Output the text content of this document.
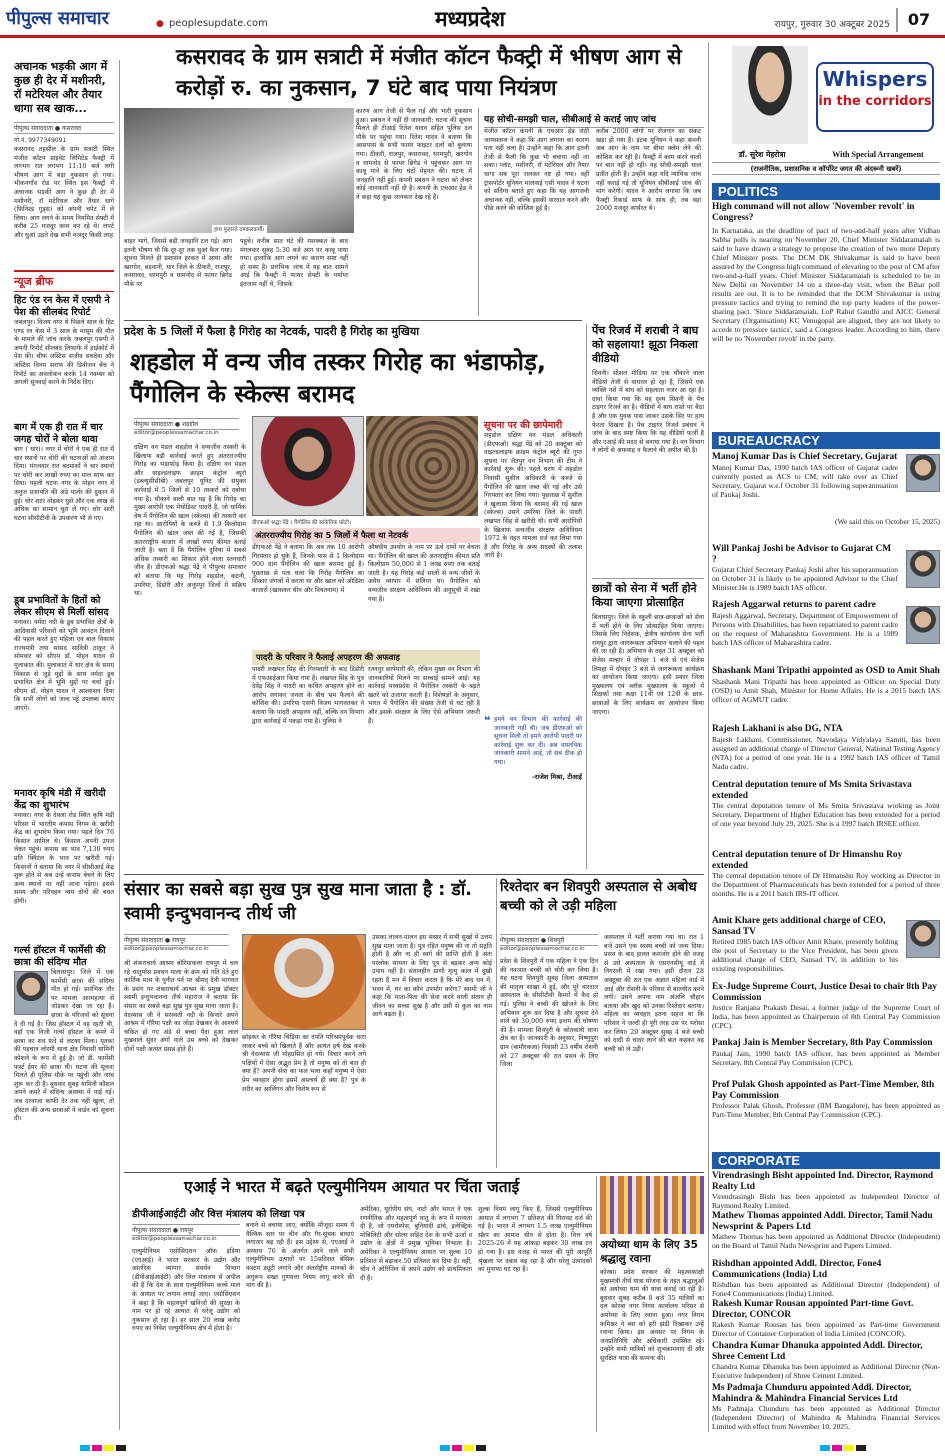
पीपुल्स समाचार	● peoplesupdate.com	मध्यप्रदेश	रायपुर, गुरुवार 30 अक्टूबर 2025	07
अचानक भड़की आग में कुछ ही देर में मशीनरी, रॉ मटेरियल और तैयार धागा सब खाक...
पीपुल्स संवाददाता ● कसरावद
मो.नं. 9977349091
कसरावद तहसील के ग्राम सत्राटी स्थित मंजीत कॉटन प्राइवेट लिमिटेड फैक्ट्री में लगभग रात लगभग 11:10 बजे लगी भीषण आग में बड़ा नुकसान हो गया। भीकनगाँव रोड पर स्थित इस फैक्ट्री में अचानक भड़की आग ने कुछ ही देर में मशीनरी, रॉ मटेरियल और तैयार धागे (फिनिश्ड गुड्स) को अपनी चपेट में ले लिया। आग लगने के समय नियमित सेफ्टी में करीब 25 मजदूर काम कर रहे थे। लपटें और धुआं उठते देख सभी मजदूर किसी तरह
न्यूज ब्रीफ
हिट एंड रन केस में एसपी ने पेश की सीलबंद रिपोर्ट
जबलपुर। विजय नगर थे पिछले साल के हिट एण्ड रन केस में 3 साल के मासूम की मौत के मामले की जांच करके जबलपुर एसपी ने अपनी रिपोर्ट सीलबंद लिफाफे में हाईकोर्ट में पेश की। चीफ जस्टिस संजीव सचदेवा और जस्टिस विनय सराफ की डिवीजन बेंच ने रिपोर्ट का अवलोकन करके 14 नवम्बर को अगली सुनवाई करने के निर्देश दिए।
बाग में एक ही रात में चार जगह चोरों ने बोला धावा
बाग ( धार)। नगर में चोरों ने एक ही रात में चार स्थानों पर चोरी की घटनाओं को अंजाम दिया। मंगलवार रात बदमाशों ने चार स्थानों पर चोरी कर लाखों रुपए का माल साफ कर दिया। पहली घटना नगर के मोहन नगर में अनुज प्रजापति की अंडे पार्लर की दुकान में हुई। चोर शटर तोड़कर घुसे और एक लाख से अधिक का सामान चुरा ले गए। चोर सारी घटना सीसीटीवी के उपकरण भी ले गए।
डूब प्रभावितों के हितों को लेकर सीएम से मिलीं सांसद
मनावर। नर्मदा नदी के डूब प्रभावित क्षेत्रों के आदिवासी परिवारों को भूमि आवंटन दिलाने की पहल करते हुए महिला एवं बाल विकास राज्यमंत्री तथा सांसद सावित्री ठाकुर ने सोमवार को सीएम डॉ. मोहन यादव से मुलाकात की। मुलाकात में धार क्षेत्र के समग्र विकास से जुड़े मुद्दों के साथ नर्मदा डूब प्रभावित क्षेत्र में भूमि मुद्दों पर चर्चा हुई। सीएम डॉ. मोहन यादव ने आश्वासन दिया कि सभी लोगों को जल्द पट्टे उपलब्ध कराए जाएंगे।
मनावर कृषि मंडी में खरीदी केंद्र का शुभारंभ
मनावर। नगर के देवला रोड स्थित कृषि मंडी परिसर में भारतीय कपास निगम के खरीदी केंद्र का शुभारंभ किया गया। पहले दिन 76 किसान शामिल थे। किसान अपनी उपज लेकर पहुंचे। कपास का भाव 7,130 रुपए प्रति क्विंटल के भाव पर खरीदी गई। किसानों ने बताया कि नगर में सीसीआई केंद्र शुरू होने से अब उन्हें कपास बेचने के लिए अन्य स्थानों पर नहीं जाना पड़ेगा। इससे समय और परिवहन व्यय दोनों की बचत होगी।
गर्ल्स हॉस्टल में फार्मेसी की छात्रा की संदिग्ध मौत
बिलासपुर। जिले में एक फार्मेसी छात्रा की संदिग्ध मौत हो गई। प्रारंभिक तौर पर मामला आत्महत्या से जोड़कर देखा जा रहा है। छात्रा के परिजनों को सूचना दे दी गई है। जिस हॉस्टल में वह रहती थी, वहाँ एक निजी गर्ल्स हॉस्टल के कमरे में छात्रा का शव फंदे से लटका मिला। मृतका की पहचान लोरमी थाना क्षेत्र निवासी यामिनी कोशले के रूप में हुई है। जो डी. फार्मेसी फर्स्ट ईयर की छात्रा थी। घटना की सूचना मिलते ही पुलिस मौके पर पहुंची और जांच शुरू कर दी है। बुधवार सुबह यामिनी कौशल अपने कमरे में संदिग्ध अवस्था में पाई गई। जब दरवाजा काफी देर तक नहीं खुला, तो हॉस्टल की अन्य छात्राओं ने वार्डन को सूचना दी।
कसरावद के ग्राम सत्राटी में मंजीत कॉटन फैक्ट्री में भीषण आग से करोड़ों रु. का नुकसान, 7 घंटे बाद पाया नियंत्रण
हाथ फुहारते दमकलकर्मी।
बाहर भागे, जिससे बड़ी जनहानि टल गई। आग इतनी भीषण थी कि दूर-दूर तक धुआं फैल गया। सूचना मिलते ही प्रशासन हरकत में आया और खरगोन, बड़वानी, धार जिले के ठीकरी, राजपुर, कसरावद, धरमपुरी व धामनोद से फायर ब्रिगेड मौके पर
पहुंचे। करीब सात घंटे की मशक्कत के बाद मंगलवार सुबह 5:30 बजे आग पर काबू पाया गया। हालांकि आग लगने का कारण स्पष्ट नहीं हो सका है। प्रारंभिक जांच में यह बात सामने आई कि फैक्ट्री में फायर सेफ्टी के पर्याप्त इंतजाम नहीं थे, जिसके
कारण आग तेजी से फैल गई और भारी नुकसान हुआ। प्रबंधन ने नहीं दी जानकारी: घटना की सूचना मिलते ही टीआई रितेश यादव सहित पुलिस दल मौके पर पहुंचा गया। रितेश यादव ने बताया कि आसपास के सभी फायर फाइटर दलों को बुलाया गया। ठीकरी, राजपुर, कसरावद, धरमपुरी, खरगोन व धामनोद से फायर ब्रिगेड ने पहुंचकर आग पर काबू पाने के लिए घंटों मेहनत की। घटना में जनहानि नहीं हुई। कंपनी प्रबंधन ने घटना को लेकर कोई जानकारी नहीं दी है। कंपनी के एचआर हेड ने ने कहा यह कुछ जानकार देख रहे हैं।
यह सोची-समझी चाल, सीबीआई से कराई जाए जांच
मंजीत कॉटन कंपनी के एचआर हेड जेठी जायसवाल ने कहा कि आग लगाना का कारण पता नहीं चला है। उन्होंने कहा कि आग इतनी तेजी से फैली कि कुछ भी बचाया नहीं जा सका। प्लांट, मशीनरी, रॉ मटेरियल और तैयार धागा सब पूरा जलकर नष्ट हो गया। वहीं ट्रांसपोर्टर यूनियन मालवाई एसी यादव ने घटना को संदिग्ध बताते हुए कहा कि यह आगजनी अचानक नहीं, बल्कि इसकी वारदात करने और पीछे करने की कोशिश हुई है।
करीब 2000 लोगों पर रोजगार का संकट खड़ा हो गया है। इंटक यूनियन ने कहा कंपनी अब आग के नाम पर बीमा क्लेम लेने की कोशिश कर रही है। फैक्ट्री में काम करने वालों पर बात नहीं हो रही। यह सोची-समझी चाल प्रतीत होती है। उन्होंने कहा यदि न्यायिक जांच नहीं कराई गई तो यूनियन सीबीआई जांच की मांग करेगी। यादव ने आरोप लगाया कि जब फैक्ट्री रिकार्ड साफ के साथ ही, तब वहां 2000 मजदूर कार्यरत थे।
Whispers
in the corridors
डॉ. सुरेश मेहरोत्रा	With Special Arrangement
(राजनीतिक, प्रशासनिक व कॉर्पोरेट जगत की अंदरूनी खबरें)
POLITICS
High command will not allow 'November revolt' in Congress?
In Karnataka, as the deadline of pact of two-and-half years after Vidhan Sabha polls is nearing on November 20, Chief Minister Siddaramaiah is said to have drawn a strategy to propose the creation of two more Deputy Chief Minister posts. The DCM DK Shivakumar is said to have been assured by the Congress high command of elevating to the post of CM after two-and-a-half years. Chief Minister Siddaramaiah is scheduled to be in New Delhi on November 14 on a three-day visit, when the Bihar poll results are out. It is to be reminded that the DCM Shivakumar is using pressure tactics and trying to remind the top party leaders of the power-sharing pact. 'Since Siddaramaiah, LoP Rahul Gandhi and AICC General Secretary (Organisation) KC Venugopal are aligned, they are not likely to accede to pressure tactics', said a Congress leader. According to him, there will be no 'November revolt' in the party.
BUREAUCRACY
Manoj Kumar Das is Chief Secretary, Gujarat
Manoj Kumar Das, 1990 batch IAS officer of Gujarat cadre currently posted as ACS to CM, will take over as Chief Secretary, Gujarat w.e.f October 31 following superannuation of Pankaj Joshi.
(We said this on October 15, 2025)
Will Pankaj Joshi be Advisor to Gujarat CM ?
Gujarat Chief Secretary Pankaj Joshi after his superannuation on October 31 is likely to be appointed Advisor to the Chief Minister.He is 1989 batch IAS officer.
Rajesh Aggarwal returns to parent cadre
Rajesh Aggarwal, Secretary, Department of Empowerment of Persons with Disabilities, has been repatriated to parent cadre on the request of Maharashtra Government. He is a 1989 batch IAS officer of Maharashtra cadre.
Shashank Mani Tripathi appointed as OSD to Amit Shah
Shashank Mani Tripathi has been appointed as Officer on Special Duty (OSD) to Amit Shah, Minister for Home Affairs. He is a 2015 batch IAS officer of AGMUT cadre.
Rajesh Lakhani is also DG, NTA
Rajesh Lakhani, Commissioner, Navodaya Vidyalaya Samiti, has been assigned an additional charge of Director General, National Testing Agency (NTA) for a period of one year. He is a 1992 batch IAS officer of Tamil Nadu cadre.
Central deputation tenure of Ms Smita Srivastava extended
The central deputation tenure of Ms Smita Srivastava working as Joint Secretary, Department of Higher Education has been extended for a period of one year beyond July 29, 2025. She is a 1997 batch IRSEE officer.
Central deputation tenure of Dr Himanshu Roy extended
The central deputation tenure of Dr Himanshu Roy working as Director in the Department of Pharmaceuticals has been extended for a period of three months. He is a 2011 batch IRS-IT officer.
Amit Khare gets additional charge of CEO, Sansad TV
Retired 1985 batch IAS officer Amit Khare, presently holding the post of Secretary to the Vice President, has been given additional charge of CEO, Sansad TV, in addition to his existing responsibilities.
Ex-Judge Supreme Court, Justice Desai to chair 8th Pay Commission
Justice Ranjana Prakash Desai, a former judge of the Supreme Court of India, has been appointed as Chairperson of 8th Central Pay Commission (CPC).
Pankaj Jain is Member Secretary, 8th Pay Commission
Pankaj Jain, 1990 batch IAS officer, has been appointed as Member Secretary, 8th Central Pay Commission (CPC).
Prof Pulak Ghosh appointed as Part-Time Member, 8th Pay Commission
Professor Palak Ghosh, Professor (IIM Bangalore), has been appointed as Part-Time Member, 8th Central Pay Commission (CPC).
CORPORATE
Virendrasingh Bisht appointed Ind. Director, Raymond Realty Ltd
Virendrasingh Bisht has been appointed as Independent Director of Raymond Realty Limited.
Mathew Thomas appointed Addl. Director, Tamil Nadu Newsprint & Papers Ltd
Mathew Thomas has been appointed as Additional Director (Independent) on the Board of Tamil Nadu Newsprint and Papers Limited.
Rishdhan appointed Addl. Director, Fone4 Communications (India) Ltd
Rishdhan has been appointed as Additional Director (Independent) of Fone4 Communications (India) Limited.
Rakesh Kumar Rousan appointed Part-time Govt. Director, CONCOR
Rakesh Kumar Rousan has been appointed as Part-time Government Director of Container Corporation of India Limited (CONCOR).
Chandra Kumar Dhanuka appointed Addl. Director, Shree Cement Ltd
Chandra Kumar Dhanuka has been appointed as Additional Director (Non-Executive Independent) of Shree Cement Limited.
Ms Padmaja Chunduru appointed Addl. Director, Mahindra & Mahindra Financial Services Ltd
Ms Padmaja Chunduru has been appointed as Additional Director (Independent Director) of Mahindra & Mahindra Financial Services Limited with effect from November 10, 2025.
प्रदेश के 5 जिलों में फैला है गिरोह का नेटवर्क, पादरी है गिरोह का मुखिया
शहडोल में वन्य जीव तस्कर गिरोह का भंडाफोड़, पैंगोलिन के स्केल्स बरामद
पीपुल्स संवाददाता ● शहडोल
editor@peoplessamachar.co.in
डीएफओ श्रद्धा पेंद्रे । पैंगोलिन की सांकेतिक फोटो।
दक्षिण वन मंडल शहडोल ने वन्यजीव तस्करी के खिलाफ बड़ी कार्रवाई करते हुए अंतरराज्यीय गिरोह का भंडाफोड़ किया है। दक्षिण वन मंडल और वाइल्डलाइफ क्राइम कंट्रोल ब्यूरो (डब्ल्यूसीसीबी) जबलपुर यूनिट की संयुक्त कार्रवाई में 5 जिलों से 10 तस्करों को दबोचा गया है। चौकाने वाली बात यह है कि गिरोह का मुख्य आरोपी एक मेथोडिस्ट पादरी है, जो धार्मिक वेष में पैंगोलिन की खाल (स्केल्स) की तस्करी कर रहा था। आरोपियों के कब्जे से 1.9 किलोग्राम पैंगोलिन की खाल जब्त की गई है, जिसकी अंतरराष्ट्रीय बाजार में लाखों रुपए कीमत बताई जाती है। बता दें कि पैंगोलिन दुनिया में सबसे अधिक तस्करी का शिकार होने वाला स्तनधारी जीव है। डीएफओ श्रद्धा पेंद्रे ने पीपुल्स समाचार को बताया कि यह गिरोह शहडोल, कटनी, उमरिया, डिंडोरी और अनूपपुर जिलों में सक्रिय था।
अंतरराज्यीय गिरोह का 5 जिलों में फैला था नेटवर्क
डीएफओ पेंद्रे ने बताया कि अब तक 10 आरोपी गिरफ्तार हो चुके हैं, जिनके पास से 1 किलोग्राम 900 ग्राम पैंगोलिन की खाल बरामद हुई है। पूछताछ से पता चला कि गिरोह पैंगोलिन का शिकार जंगलों में करता था और खाल को ओडिशा बाजारों (खासकर चीन और वियतनाम) में
औषधीय उपयोग के नाम पर ऊंचे दामों पर बेचता था। पैंगोलिन की खाल की अंतरराष्ट्रीय कीमत प्रति किलोग्राम 50,000 से 1 लाख रुपए तक बताई जाती है। यह गिरोह कई सालों से वन्य जीवों के अवैध व्यापार में संलिप्त था। पैंगोलिन को वन्यजीव संरक्षण अधिनियम की अनुसूची में रखा गया है।
पादरी के परिवार ने फैलाई अपहरण की अफवाह
पादरी लखपत सिंह की गिरफ्तारी के बाद डिंडोरी में एफआईआर किया गया है। लखपत सिंह के पुत्र देवेंद्र सिंह ने पादरी का कथित अपहरण होने का आरोप लगाकर जनता के बीच भ्रम फैलाने की कोशिश की। उमरिया एसपी विजय भागवतकर ने बताया कि पादरी अपहरण नहीं, बल्कि वन विभाग द्वारा कार्रवाई में पकड़ा गया है। पुलिस ने
रतनपुर छापेमारी की, लेकिन मुख्य वन विभाग की जानकारियों मिलने पर सच्चाई सामने आई। यह कार्रवाई मध्यप्रदेश में पैंगोलिन तस्करी के बढ़ते खतरे को उजागर करती है। विशेषज्ञों के अनुसार, भारत में पैंगोलिन की संख्या तेजी से घट रही है और इसके संरक्षण के लिए ऐसे अभियान जरूरी हैं।
सूचना पर की छापेमारी
शहडोल दक्षिण वन मंडल अधिकारी (डीएफओ) श्रद्धा पेंद्रे को 20 अक्टूबर को वाइल्डलाइफ क्राइम कंट्रोल ब्यूरो की गुप्त सूचना पर जैतपुर वन विभाग की टीम ने कार्रवाई शुरू की। पहले चरण में शहडोल निवासी सुशील अधिकारी के कब्जे से पैंगोलिन की खाल जब्त की गई और उसे गिरफ्तार कर लिया गया। पूछताछ में सुशील ने खुलासा किया कि बरामद की गई खाल (स्केल्स) उसने उमरिया जिले के पादरी लखपत सिंह से खरीदी थी। सभी आरोपियों के खिलाफ वन्यजीव संरक्षण अधिनियम 1972 के तहत मामला दर्ज कर लिया गया है और गिरोह के अन्य सदस्यों की तलाश जारी है।
❝ हमने वन विभाग की कार्रवाई की जानकारी नहीं थी। जब डीएफओ को सूचना मिली तो हमने आरोपी पादरी पर कार्रवाई शुरू कर दी। अब वास्तविक जानकारी सामने आई, तो सब ठीक हो गया।
-राजेश मिश्रा, टीआई
पेंच रिजर्व में शराबी ने बाघ को सहलाया! झूठा निकला वीडियो
सिवनी। सोशल मीडिया पर एक चौंकाने वाला वीडियो तेजी से वायरल हो रहा है, जिसमें एक व्यक्ति नशे में बाघ को सहलाता नजर आ रहा है। दावा किया गया कि यह दृश्य सिवनी के पेंच टाइगर रिजर्व का है। वीडियो में बाघ रास्ते पर बैठा है और एक युवक पास जाकर उसके सिर पर हाथ फेरता दिखता है। पेंच टाइगर रिजर्व प्रबंधन ने जांच के बाद स्पष्ट किया कि यह वीडियो फर्जी है और एआई की मदद से बनाया गया है। वन विभाग ने लोगों से अफवाह न फैलाने की अपील की है।
छात्रों को सेना में भर्ती होने किया जाएगा प्रोत्साहित
बिलासपुर। जिले के स्कूली छात्र-छात्राओं को सेना में भर्ती होने के लिए प्रोत्साहित किया जाएगा। जिसके लिए निदेशक, क्षेत्रीय कार्यालय सेना भर्ती रायपुर द्वारा जागरूकता अभियान चलाने की पहल की जा रही है। अभियान के तहत 31 अक्टूबर को सेजेस मल्हार में दोपहर 1 बजे से एवं सेजेस लिमहा में दोपहर 3 बजे से जागरूकता कार्यक्रम का आयोजन किया जाएगा। इसी प्रकार जिला मुख्यालय एवं ब्लॉक मुख्यालय के स्कूलों में शिक्षकों तथा कक्षा 11वीं एवं 12वीं के छात्र-छात्राओं के लिए कार्यक्रम का आयोजन किया जाएगा।
संसार का सबसे बड़ा सुख पुत्र सुख माना जाता है : डॉ. स्वामी इन्दुभवानन्द तीर्थ जी
पीपुल्स संवाददाता ● रायपुर
editor@peoplessamachar.co.in
श्री शंकराचार्य आश्रम बोरियाकला रायपुर में चल रहे चातुर्मास प्रवचन माला के क्रम को गति देते हुए कार्तिक मास के पुनीत पर्व पर श्रीमद् देवी भागवत के प्रसंग पर शंकराचार्य आश्रम के प्रमुख डॉक्टर स्वामी इन्दुभवानन्द तीर्थ महाराज ने बताया कि संसार का सबसे बड़ा सुख पुत्र सुख माना जाता है। वेदव्यास जी ने सरस्वती नदी के किनारे अपने आश्रम में गौरैया पक्षी का जोड़ा देखकर के आश्चर्य चकित हो गए अंडे से बच्चा पैदा हुआ लाल मुखवाले सुंदर अंगों वाले उस बच्चे को देखकर दोनों पक्षी अत्यंत प्रसन्न होते हैं।
छोड़कर के गौरैया चिड़िया का दंपति परिश्रमपूर्वक चारा लाकर बच्चे को खिलाते हैं और अत्यंत हर्ष देख करके श्री वेदव्यास जी मोहग्रसित हो गये। विचार करने लगे पक्षियों में ऐसा अद्भुत प्रेम है तो मनुष्य को तो बात ही क्या है? अपनी सेवा का फल भला कहाँ मनुष्य में ऐसा प्रेम व्यवहार होगा इसमें आश्चर्य ही क्या है? पुत्र के शरीर का आलिंगन और विशेष रूप से
उसका लालन-पालन इस संसार में सभी सुखों में उत्तम सुख माना जाता है। पुत्र रहित मनुष्य की ना तो सद्गति होती है और ना ही स्वर्ग की प्राप्ति होती है अतः परलोक साधना के लिए पुत्र से बढ़कर अन्य कोई उपाय नहीं है। संतानहीन प्राणी मृत्यु काल में दुखी रहता है मन में विचार करता है कि मेरे बाद धन में, भवन में, घर का कौन उपभोग करेगा? स्वामी जी ने कहा कि माता-पिता की सेवा करने वाली संतान ही जीवन का सच्चा सुख है और उसी से कुल का नाम आगे बढ़ता है।
रिश्तेदार बन शिवपुरी अस्पताल से अबोध बच्ची को ले उड़ी महिला
पीपुल्स संवाददाता ● शिवपुरी
editor@peoplessamachar.co.in
प्रदेश के शिवपुरी में एक महिला ने एक दिन की नवजात बच्ची को चोरी कर लिया है। यह घटना शिवपुरी सुबह जिला अस्पताल की मातृत्व शाखा में हुई, और पूरे वारदात अस्पताल के सीसीटीवी कैमरों में कैद हो गई। पुलिस ने बच्ची की खोजने के लिए अभियान शुरू कर दिया है और सूचना देने वाले को 30,000 रुपए इनाम की घोषणा की है। मामला शिवपुरी के कोतवाली थाना क्षेत्र का है। जानकारी के अनुसार, विष्णुपुरा ग्राम (बामौरकला) निवासी 23 वर्षीय रोशनी को 27 अक्टूबर की रात प्रसव के लिए जिला
अस्पताल में भर्ती कराया गया था। रात 1 बजे उसने एक स्वस्थ बच्ची को जन्म दिया। प्रसव के बाद हालत कमजोर होने की वजह से उसे अस्पताल के एसएनसीयू वार्ड में निगरानी में रखा गया। इसी दौरान 28 अक्टूबर की रात एक अज्ञात महिला वार्ड में आई और रोशनी के परिवार से बातचीत करने लगी। उसने अपना नाम अंजलि चौहान बताया और खुद को उनका रिश्तेदार बताया। महिला का व्यवहार इतना सहज था कि परिवार ने जल्दी ही पूरी तरह उस पर भरोसा कर लिया। 29 अक्टूबर सुबह 4 बजे बच्ची को दादी से चादर लाने की बात कहकर वह बच्ची को ले उड़ी।
एआई ने भारत में बढ़ते एल्युमीनियम आयात पर चिंता जताई
डीपीआईआईटी और वित्त मंत्रालय को लिखा पत्र
पीपुल्स संवाददाता ● रायपुर
editor@peoplessamachar.co.in
एल्युमीनियम एसोसिएशन ऑफ इंडिया (एएआई) ने भारत सरकार के उद्योग और आंतरिक व्यापार संवर्धन विभाग (डीपीआईआईटी) और वित्त मंत्रालय से अपील की है कि देश के साथ एल्युमीनियम कच्चे माल के आयात पर लगाम लगाई जाए। एसोसिएशन ने कहा है कि महत्वपूर्ण खनिजों की सुरक्षा के नाम पर हो रहे आयात से घरेलू उद्योग को नुकसान हो रहा है। हर साल 20 लाख करोड़ रुपए का निवेश एल्युमीनियम क्षेत्र में होता है।
बनाने से बचाया जाए, क्योंकि मौजूदा समय में वैश्विक स्तर पर चीन और गैर-सूचक बाधाएं लगातार बढ़ रही हैं। इस उद्देश्य से, एएआई ने अध्याय 76 के अंतर्गत आने वाले सभी एल्युमीनियम उत्पादों पर 15प्रतिशत बेसिक कस्टम ड्यूटी लगाने और अंतर्राष्ट्रीय मानकों के अनुरूप सख्त गुणवत्ता नियम लागू करने की मांग की है।
अमेरिका, यूरोपीय संघ, नाटो और भारत ने एक रणनीतिक और महत्वपूर्ण धातु के रूप में मान्यता दी है, जो एयरोस्पेस, बुनियादी ढांचे, इलेक्ट्रिक मोबिलिटी और सोलर सहित देश के सभी ऊर्जा व उद्योग के क्षेत्रों में प्रमुख भूमिका निभाता है। अमेरिका ने एल्युमीनियम आयात पर शुल्क 10 प्रतिशत से बढ़ाकर 50 प्रतिशत कर दिया है। वहीं, चीन ने ओरिजिन से अपने उद्योग को प्राथमिकता दी है।
शुल्क नियम लागू किए हैं, जिससे एल्युमीनियम आयात में लगभग 7 प्रतिशत की गिरावट दर्ज की गई है। भारत में लगभग 1.5 लाख एल्युमीनियम स्क्रैप का आयात चीन से होता है। वित्त वर्ष 2025-26 में यह आंकड़ा बढ़कर 30 लाख टन हो गया है। इस वजह से भारत की पूरी आपूर्ति श्रृंखला पर दबाव बढ़ रहा है और घरेलू उत्पादकों का मुनाफा घट रहा है।
अयोध्या धाम के लिए 35 श्रद्धालु रवाना
कोरबा। प्रदेश सरकार की महत्वाकांक्षी मुख्यमंत्री तीर्थ यात्रा योजना के तहत श्रद्धालुओं को अयोध्या धाम की यात्रा कराई जा रही है। बुधवार सुबह करीब 8 बजे 35 यात्रियों का दल कोरबा नगर निगम कार्यालय परिसर से अयोध्या के लिए रवाना हुआ। नगर निगम कमिश्नर ने बस को हरी झंडी दिखाकर उन्हें रवाना किया। इस अवसर पर निगम के जनप्रतिनिधि और अधिकारी उपस्थित रहे। उन्होंने सभी यात्रियों को शुभकामनाएं दीं और सुरक्षित यात्रा की कामना की।
